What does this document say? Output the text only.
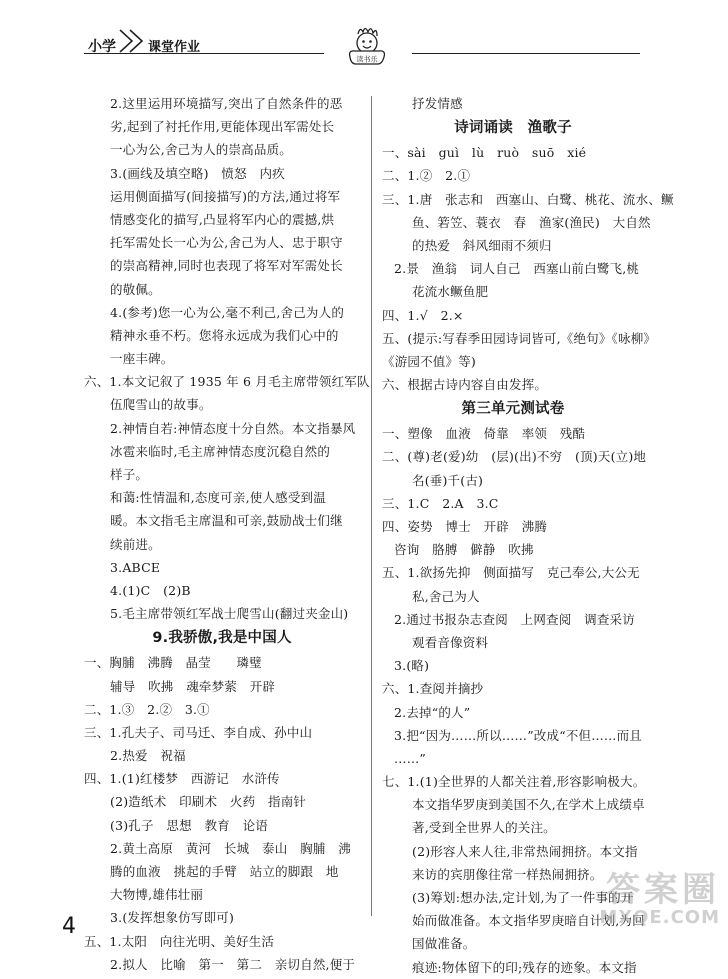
小学 课堂作业
读书乐
2.这里运用环境描写,突出了自然条件的恶
劣,起到了衬托作用,更能体现出军需处长
一心为公,舍己为人的崇高品质。
3.(画线及填空略)　愤怒　内疚
运用侧面描写(间接描写)的方法,通过将军
情感变化的描写,凸显将军内心的震撼,烘
托军需处长一心为公,舍己为人、忠于职守
的崇高精神,同时也表现了将军对军需处长
的敬佩。
4.(参考)您一心为公,毫不利己,舍己为人的
精神永垂不朽。您将永远成为我们心中的
一座丰碑。
六、1.本文记叙了 1935 年 6 月毛主席带领红军队
伍爬雪山的故事。
2.神情自若:神情态度十分自然。本文指暴风
冰雹来临时,毛主席神情态度沉稳自然的
样子。
和蔼:性情温和,态度可亲,使人感受到温
暖。本文指毛主席温和可亲,鼓励战士们继
续前进。
3.ABCE
4.(1)C　(2)B
5.毛主席带领红军战士爬雪山(翻过夹金山)
9.我骄傲,我是中国人
一、胸脯　沸腾　晶莹　　璘璧
辅导　吹拂　魂牵梦萦　开辟
二、1.③　2.②　3.①
三、1.孔夫子、司马迁、李自成、孙中山
2.热爱　祝福
四、1.(1)红楼梦　西游记　水浒传
(2)造纸术　印刷术　火药　指南针
(3)孔子　思想　教育　论语
2.黄土高原　黄河　长城　泰山　胸脯　沸
腾的血液　挑起的手臂　站立的脚跟　地
大物博,雄伟壮丽
3.(发挥想象仿写即可)
五、1.太阳　向往光明、美好生活
2.拟人　比喻　第一　第二　亲切自然,便于
抒发情感
诗词诵读　渔歌子
一、sài　guì　lù　ruò　suō　xié
二、1.②　2.①
三、1.唐　张志和　西塞山、白鹭、桃花、流水、鳜
鱼、箬笠、蓑衣　春　渔家(渔民)　大自然
的热爱　斜风细雨不须归
2.景　渔翁　词人自己　西塞山前白鹭飞,桃
花流水鳜鱼肥
四、1.√　2.×
五、(提示:写春季田园诗词皆可,《绝句》《咏柳》
《游园不值》等)
六、根据古诗内容自由发挥。
第三单元测试卷
一、塑像　血液　倚靠　率领　残酷
二、(尊)老(爱)幼　(层)(出)不穷　(顶)天(立)地
名(垂)千(古)
三、1.C　2.A　3.C
四、姿势　博士　开辟　沸腾
咨询　胳膊　僻静　吹拂
五、1.欲扬先抑　侧面描写　克己奉公,大公无
私,舍己为人
2.通过书报杂志查阅　上网查阅　调查采访
观看音像资料
3.(略)
六、1.查阅并摘抄
2.去掉“的人”
3.把“因为……所以……”改成“不但……而且
……”
七、1.(1)全世界的人都关注着,形容影响极大。
本文指华罗庚到美国不久,在学术上成绩卓
著,受到全世界人的关注。
(2)形容人来人往,非常热闹拥挤。本文指
来访的宾朋像往常一样热闹拥挤。
(3)筹划:想办法,定计划,为了一件事的开
始而做准备。本文指华罗庚暗自计划,为回
国做准备。
痕迹:物体留下的印;残存的迹象。本文指
4
答案圈
MXQE.COM
